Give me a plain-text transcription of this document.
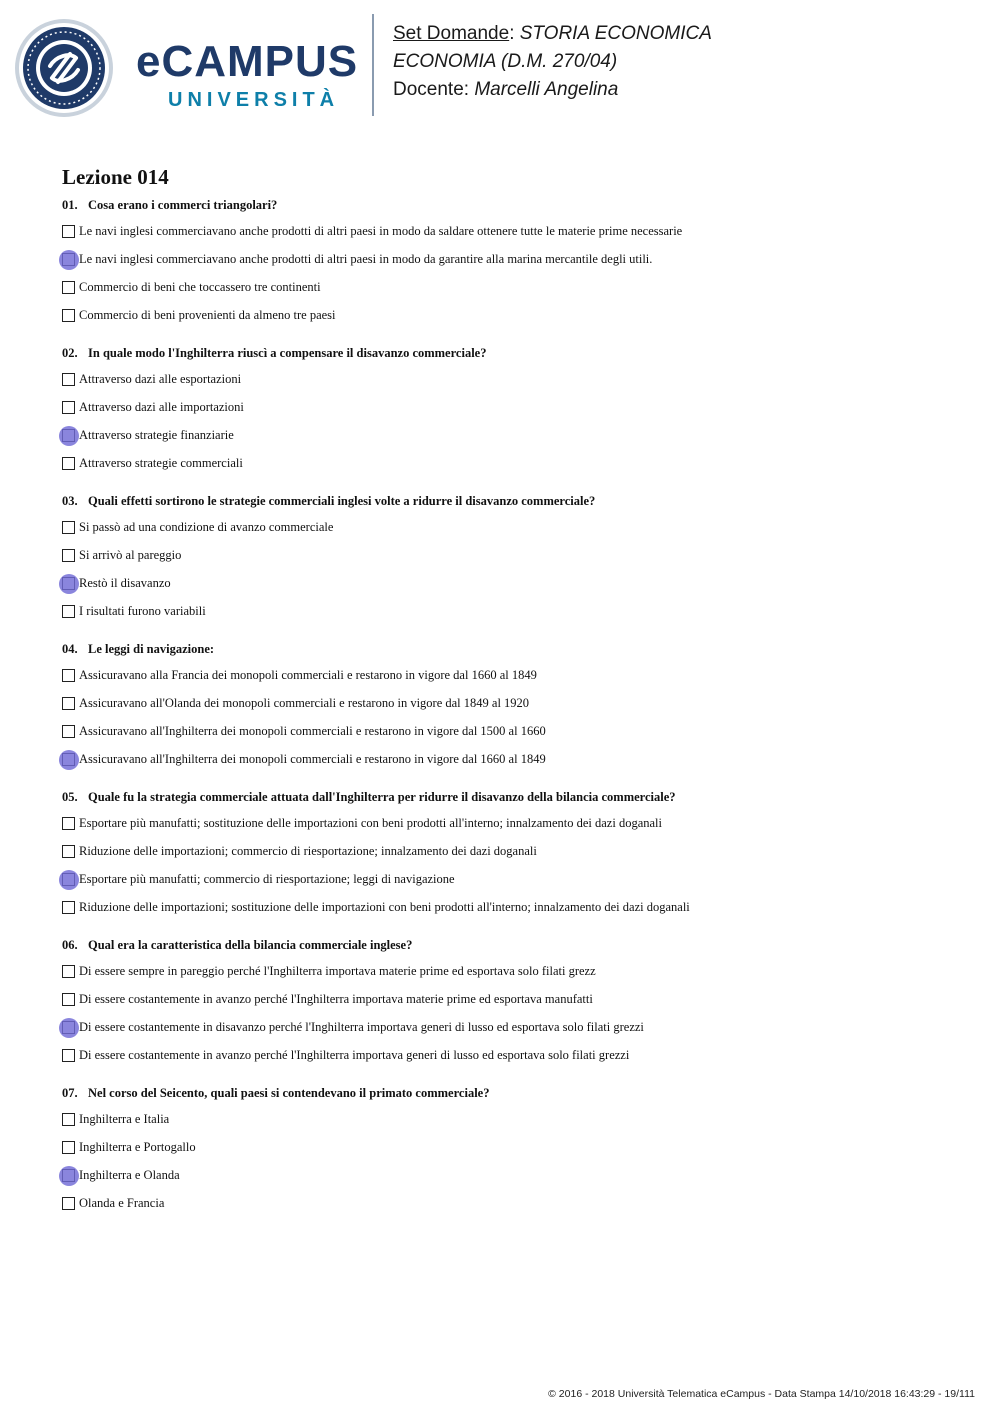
eCAMPUS
UNIVERSITÀ
Set Domande: STORIA ECONOMICA
ECONOMIA (D.M. 270/04)
Docente: Marcelli Angelina
Lezione 014
01. Cosa erano i commerci triangolari?
Le navi inglesi commerciavano anche prodotti di altri paesi in modo da saldare ottenere tutte le materie prime necessarie
Le navi inglesi commerciavano anche prodotti di altri paesi in modo da garantire alla marina mercantile degli utili.
Commercio di beni che toccassero tre continenti
Commercio di beni provenienti da almeno tre paesi
02. In quale modo l'Inghilterra riuscì a compensare il disavanzo commerciale?
Attraverso dazi alle esportazioni
Attraverso dazi alle importazioni
Attraverso strategie finanziarie
Attraverso strategie commerciali
03. Quali effetti sortirono le strategie commerciali inglesi volte a ridurre il disavanzo commerciale?
Si passò ad una condizione di avanzo commerciale
Si arrivò al pareggio
Restò il disavanzo
I risultati furono variabili
04. Le leggi di navigazione:
Assicuravano alla Francia dei monopoli commerciali e restarono in vigore dal 1660 al 1849
Assicuravano all'Olanda dei monopoli commerciali e restarono in vigore dal 1849 al 1920
Assicuravano all'Inghilterra dei monopoli commerciali e restarono in vigore dal 1500 al 1660
Assicuravano all'Inghilterra dei monopoli commerciali e restarono in vigore dal 1660 al 1849
05. Quale fu la strategia commerciale attuata dall'Inghilterra per ridurre il disavanzo della bilancia commerciale?
Esportare più manufatti; sostituzione delle importazioni con beni prodotti all'interno; innalzamento dei dazi doganali
Riduzione delle importazioni; commercio di riesportazione; innalzamento dei dazi doganali
Esportare più manufatti; commercio di riesportazione; leggi di navigazione
Riduzione delle importazioni; sostituzione delle importazioni con beni prodotti all'interno; innalzamento dei dazi doganali
06. Qual era la caratteristica della bilancia commerciale inglese?
Di essere sempre in pareggio perché l'Inghilterra importava materie prime ed esportava solo filati grezz
Di essere costantemente in avanzo perché l'Inghilterra importava materie prime ed esportava manufatti
Di essere costantemente in disavanzo perché l'Inghilterra importava generi di lusso ed esportava solo filati grezzi
Di essere costantemente in avanzo perché l'Inghilterra importava generi di lusso ed esportava solo filati grezzi
07. Nel corso del Seicento, quali paesi si contendevano il primato commerciale?
Inghilterra e Italia
Inghilterra e Portogallo
Inghilterra e Olanda
Olanda e Francia
© 2016 - 2018 Università Telematica eCampus - Data Stampa 14/10/2018 16:43:29 - 19/111
